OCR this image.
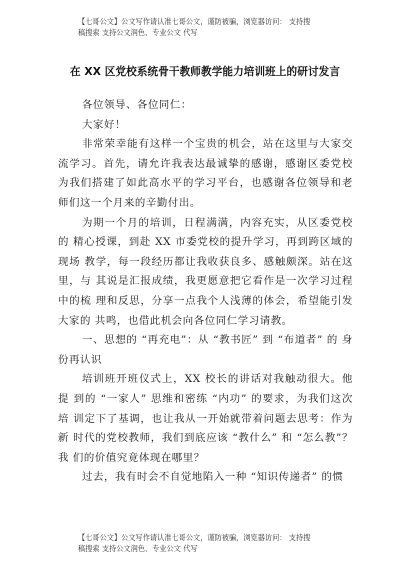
【七哥公文】公文写作请认准七哥公文，谨防被骗，浏览器访问： 支持搜
稿搜索 支持公文润色、专业公文 代写
在 XX 区党校系统骨干教师教学能力培训班上的研讨发言

各位领导、各位同仁：

大家好！

非常荣幸能有这样一个宝贵的机会，站在这里与大家交流学习。首先，请允许我表达最诚挚的感谢，感谢区委党校为我们搭建了如此高水平的学习平台，也感谢各位领导和老师们这一个月来的辛勤付出。

为期一个月的培训，日程满满，内容充实，从区委党校的 精心授课，到赴 XX 市委党校的提升学习，再到跨区域的现场 教学，每一段经历都让我收获良多、感触颇深。站在这里，与 其说是汇报成绩，我更愿意把它看作是一次学习过程中的梳 理和反思，分享一点我个人浅薄的体会，希望能引发大家的 共鸣，也借此机会向各位同仁学习请教。

一、思想的 “再充电”：从 “教书匠” 到 “布道者” 的 身份再认识

培训班开班仪式上，XX 校长的讲话对我触动很大。他提 到的 “一家人” 思维和密练 “内功” 的要求，为我们这次培 训定下了基调，也让我从一开始就带着问题去思考：作为新 时代的党校教师，我们到底应该 “教什么” 和 “怎么教”？我 们的价值究竟体现在哪里？

过去，我有时会不自觉地陷入一种 “知识传递者” 的惯

【七哥公文】公文写作请认准七哥公文，谨防被骗，浏览器访问： 支持搜
稿搜索 支持公文润色、专业公文 代写
